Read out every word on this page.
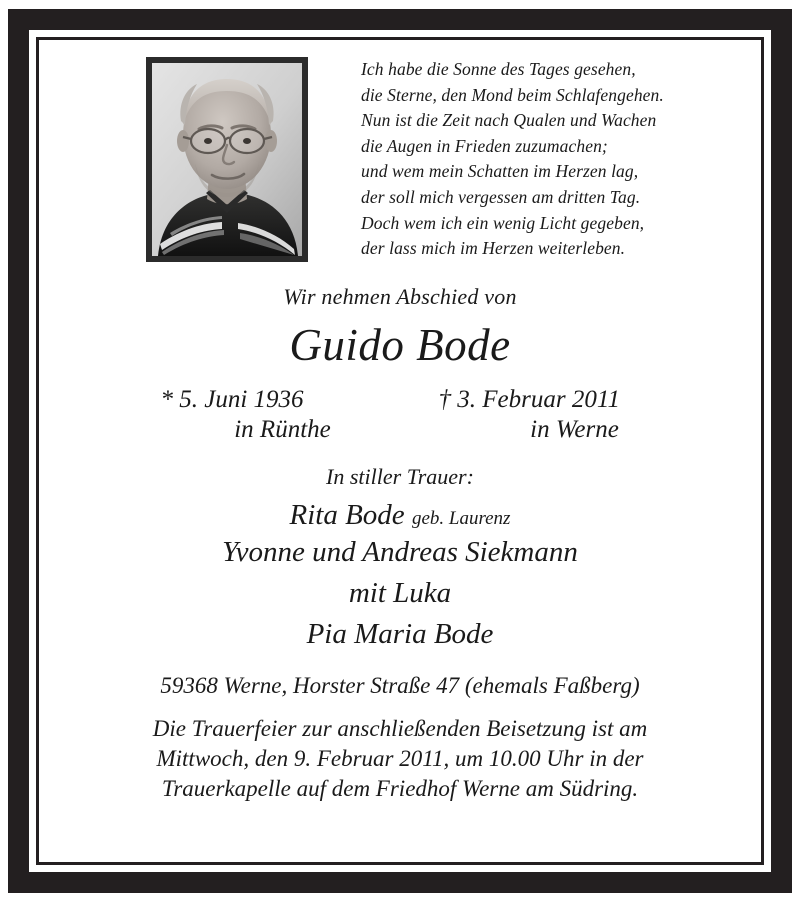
Ich habe die Sonne des Tages gesehen,
die Sterne, den Mond beim Schlafengehen.
Nun ist die Zeit nach Qualen und Wachen
die Augen in Frieden zuzumachen;
und wem mein Schatten im Herzen lag,
der soll mich vergessen am dritten Tag.
Doch wem ich ein wenig Licht gegeben,
der lass mich im Herzen weiterleben.
Wir nehmen Abschied von
Guido Bode
* 5. Juni 1936
in Rünthe
† 3. Februar 2011
in Werne
In stiller Trauer:
Rita Bode geb. Laurenz
Yvonne und Andreas Siekmann
mit Luka
Pia Maria Bode
59368 Werne, Horster Straße 47 (ehemals Faßberg)
Die Trauerfeier zur anschließenden Beisetzung ist am
Mittwoch, den 9. Februar 2011, um 10.00 Uhr in der
Trauerkapelle auf dem Friedhof Werne am Südring.
